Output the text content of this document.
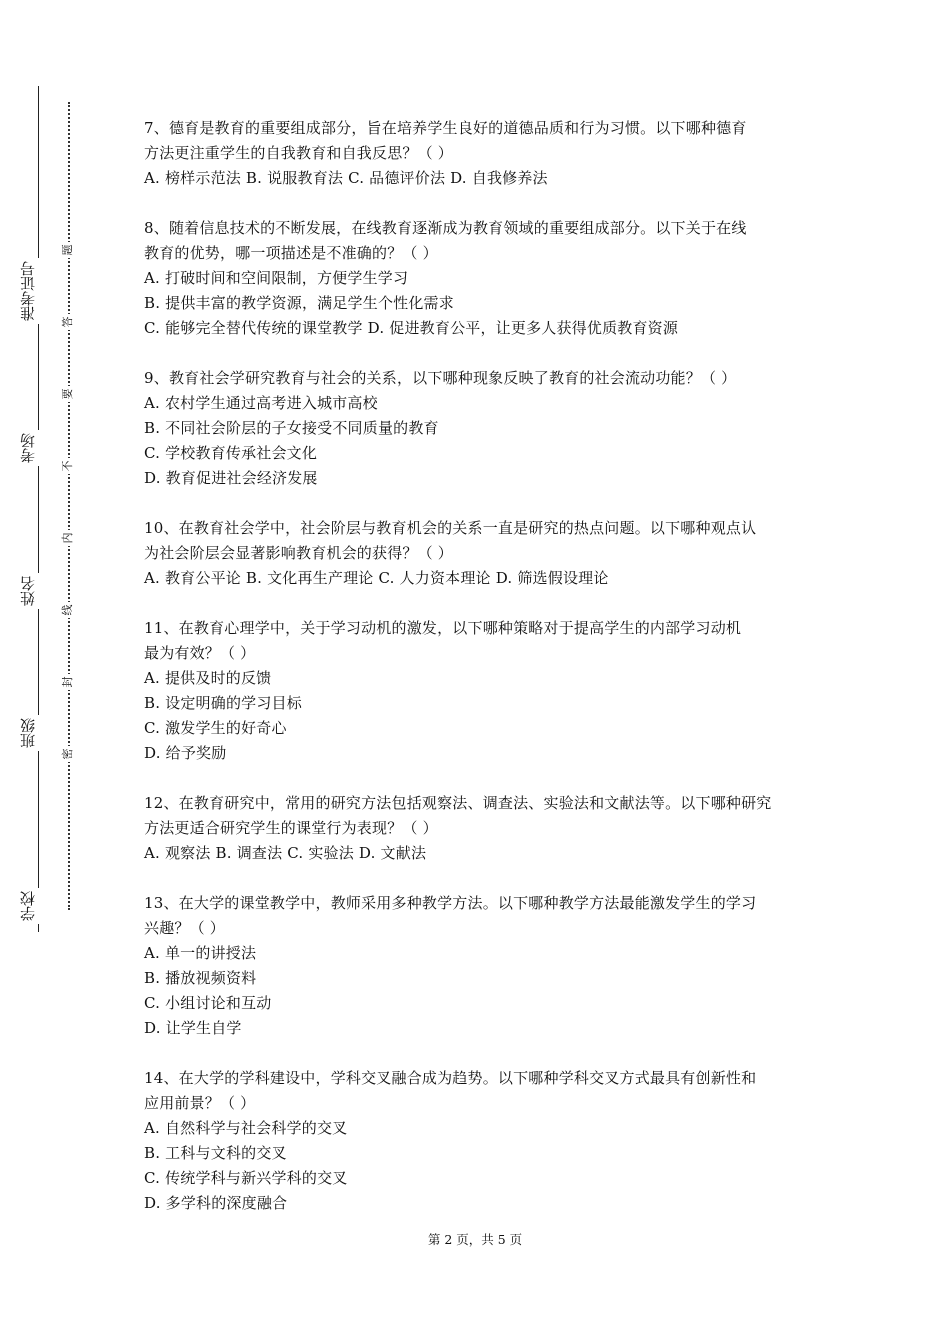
准考证号
考场
姓名
班级
学校
题
答
要
不
内
线
封
密
7、德育是教育的重要组成部分，旨在培养学生良好的道德品质和行为习惯。以下哪种德育
方法更注重学生的自我教育和自我反思？（ ）
A. 榜样示范法 B. 说服教育法 C. 品德评价法 D. 自我修养法
8、随着信息技术的不断发展，在线教育逐渐成为教育领域的重要组成部分。以下关于在线
教育的优势，哪一项描述是不准确的？（ ）
A. 打破时间和空间限制，方便学生学习
B. 提供丰富的教学资源，满足学生个性化需求
C. 能够完全替代传统的课堂教学 D. 促进教育公平，让更多人获得优质教育资源
9、教育社会学研究教育与社会的关系，以下哪种现象反映了教育的社会流动功能？（ ）
A. 农村学生通过高考进入城市高校
B. 不同社会阶层的子女接受不同质量的教育
C. 学校教育传承社会文化
D. 教育促进社会经济发展
10、在教育社会学中，社会阶层与教育机会的关系一直是研究的热点问题。以下哪种观点认
为社会阶层会显著影响教育机会的获得？（ ）
A. 教育公平论 B. 文化再生产理论 C. 人力资本理论 D. 筛选假设理论
11、在教育心理学中，关于学习动机的激发，以下哪种策略对于提高学生的内部学习动机
最为有效？（ ）
A. 提供及时的反馈
B. 设定明确的学习目标
C. 激发学生的好奇心
D. 给予奖励
12、在教育研究中，常用的研究方法包括观察法、调查法、实验法和文献法等。以下哪种研究
方法更适合研究学生的课堂行为表现？（ ）
A. 观察法 B. 调查法 C. 实验法 D. 文献法
13、在大学的课堂教学中，教师采用多种教学方法。以下哪种教学方法最能激发学生的学习
兴趣？（ ）
A. 单一的讲授法
B. 播放视频资料
C. 小组讨论和互动
D. 让学生自学
14、在大学的学科建设中，学科交叉融合成为趋势。以下哪种学科交叉方式最具有创新性和
应用前景？（ ）
A. 自然科学与社会科学的交叉
B. 工科与文科的交叉
C. 传统学科与新兴学科的交叉
D. 多学科的深度融合
第 2 页，共 5 页
